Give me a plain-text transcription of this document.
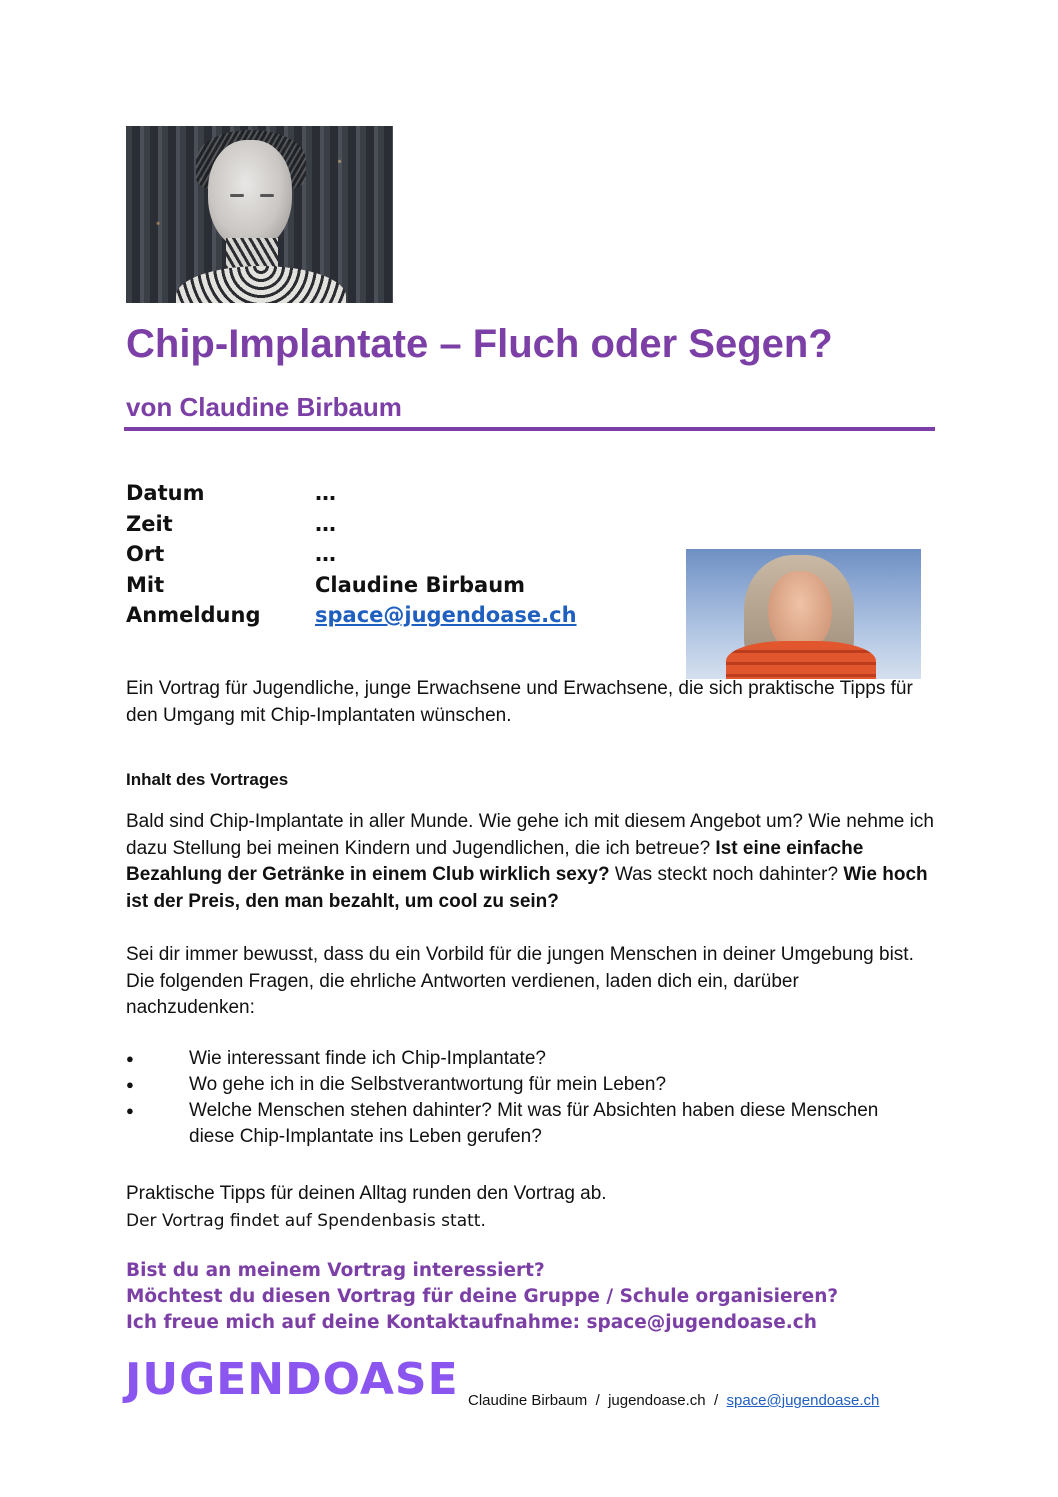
Chip-Implantate – Fluch oder Segen?
von Claudine Birbaum
Datum	…
Zeit	…
Ort	…
Mit	Claudine Birbaum
Anmeldung	space@jugendoase.ch

Ein Vortrag für Jugendliche, junge Erwachsene und Erwachsene, die sich praktische Tipps für den Umgang mit Chip-Implantaten wünschen.

Inhalt des Vortrages

Bald sind Chip-Implantate in aller Munde. Wie gehe ich mit diesem Angebot um? Wie nehme ich dazu Stellung bei meinen Kindern und Jugendlichen, die ich betreue? Ist eine einfache Bezahlung der Getränke in einem Club wirklich sexy? Was steckt noch dahinter? Wie hoch ist der Preis, den man bezahlt, um cool zu sein?

Sei dir immer bewusst, dass du ein Vorbild für die jungen Menschen in deiner Umgebung bist. Die folgenden Fragen, die ehrliche Antworten verdienen, laden dich ein, darüber nachzudenken:

●	Wie interessant finde ich Chip-Implantate?
●	Wo gehe ich in die Selbstverantwortung für mein Leben?
●	Welche Menschen stehen dahinter? Mit was für Absichten haben diese Menschen diese Chip-Implantate ins Leben gerufen?

Praktische Tipps für deinen Alltag runden den Vortrag ab.
Der Vortrag findet auf Spendenbasis statt.

Bist du an meinem Vortrag interessiert?
Möchtest du diesen Vortrag für deine Gruppe / Schule organisieren?
Ich freue mich auf deine Kontaktaufnahme: space@jugendoase.ch

JUGENDOASE Claudine Birbaum  /  jugendoase.ch  /  space@jugendoase.ch
